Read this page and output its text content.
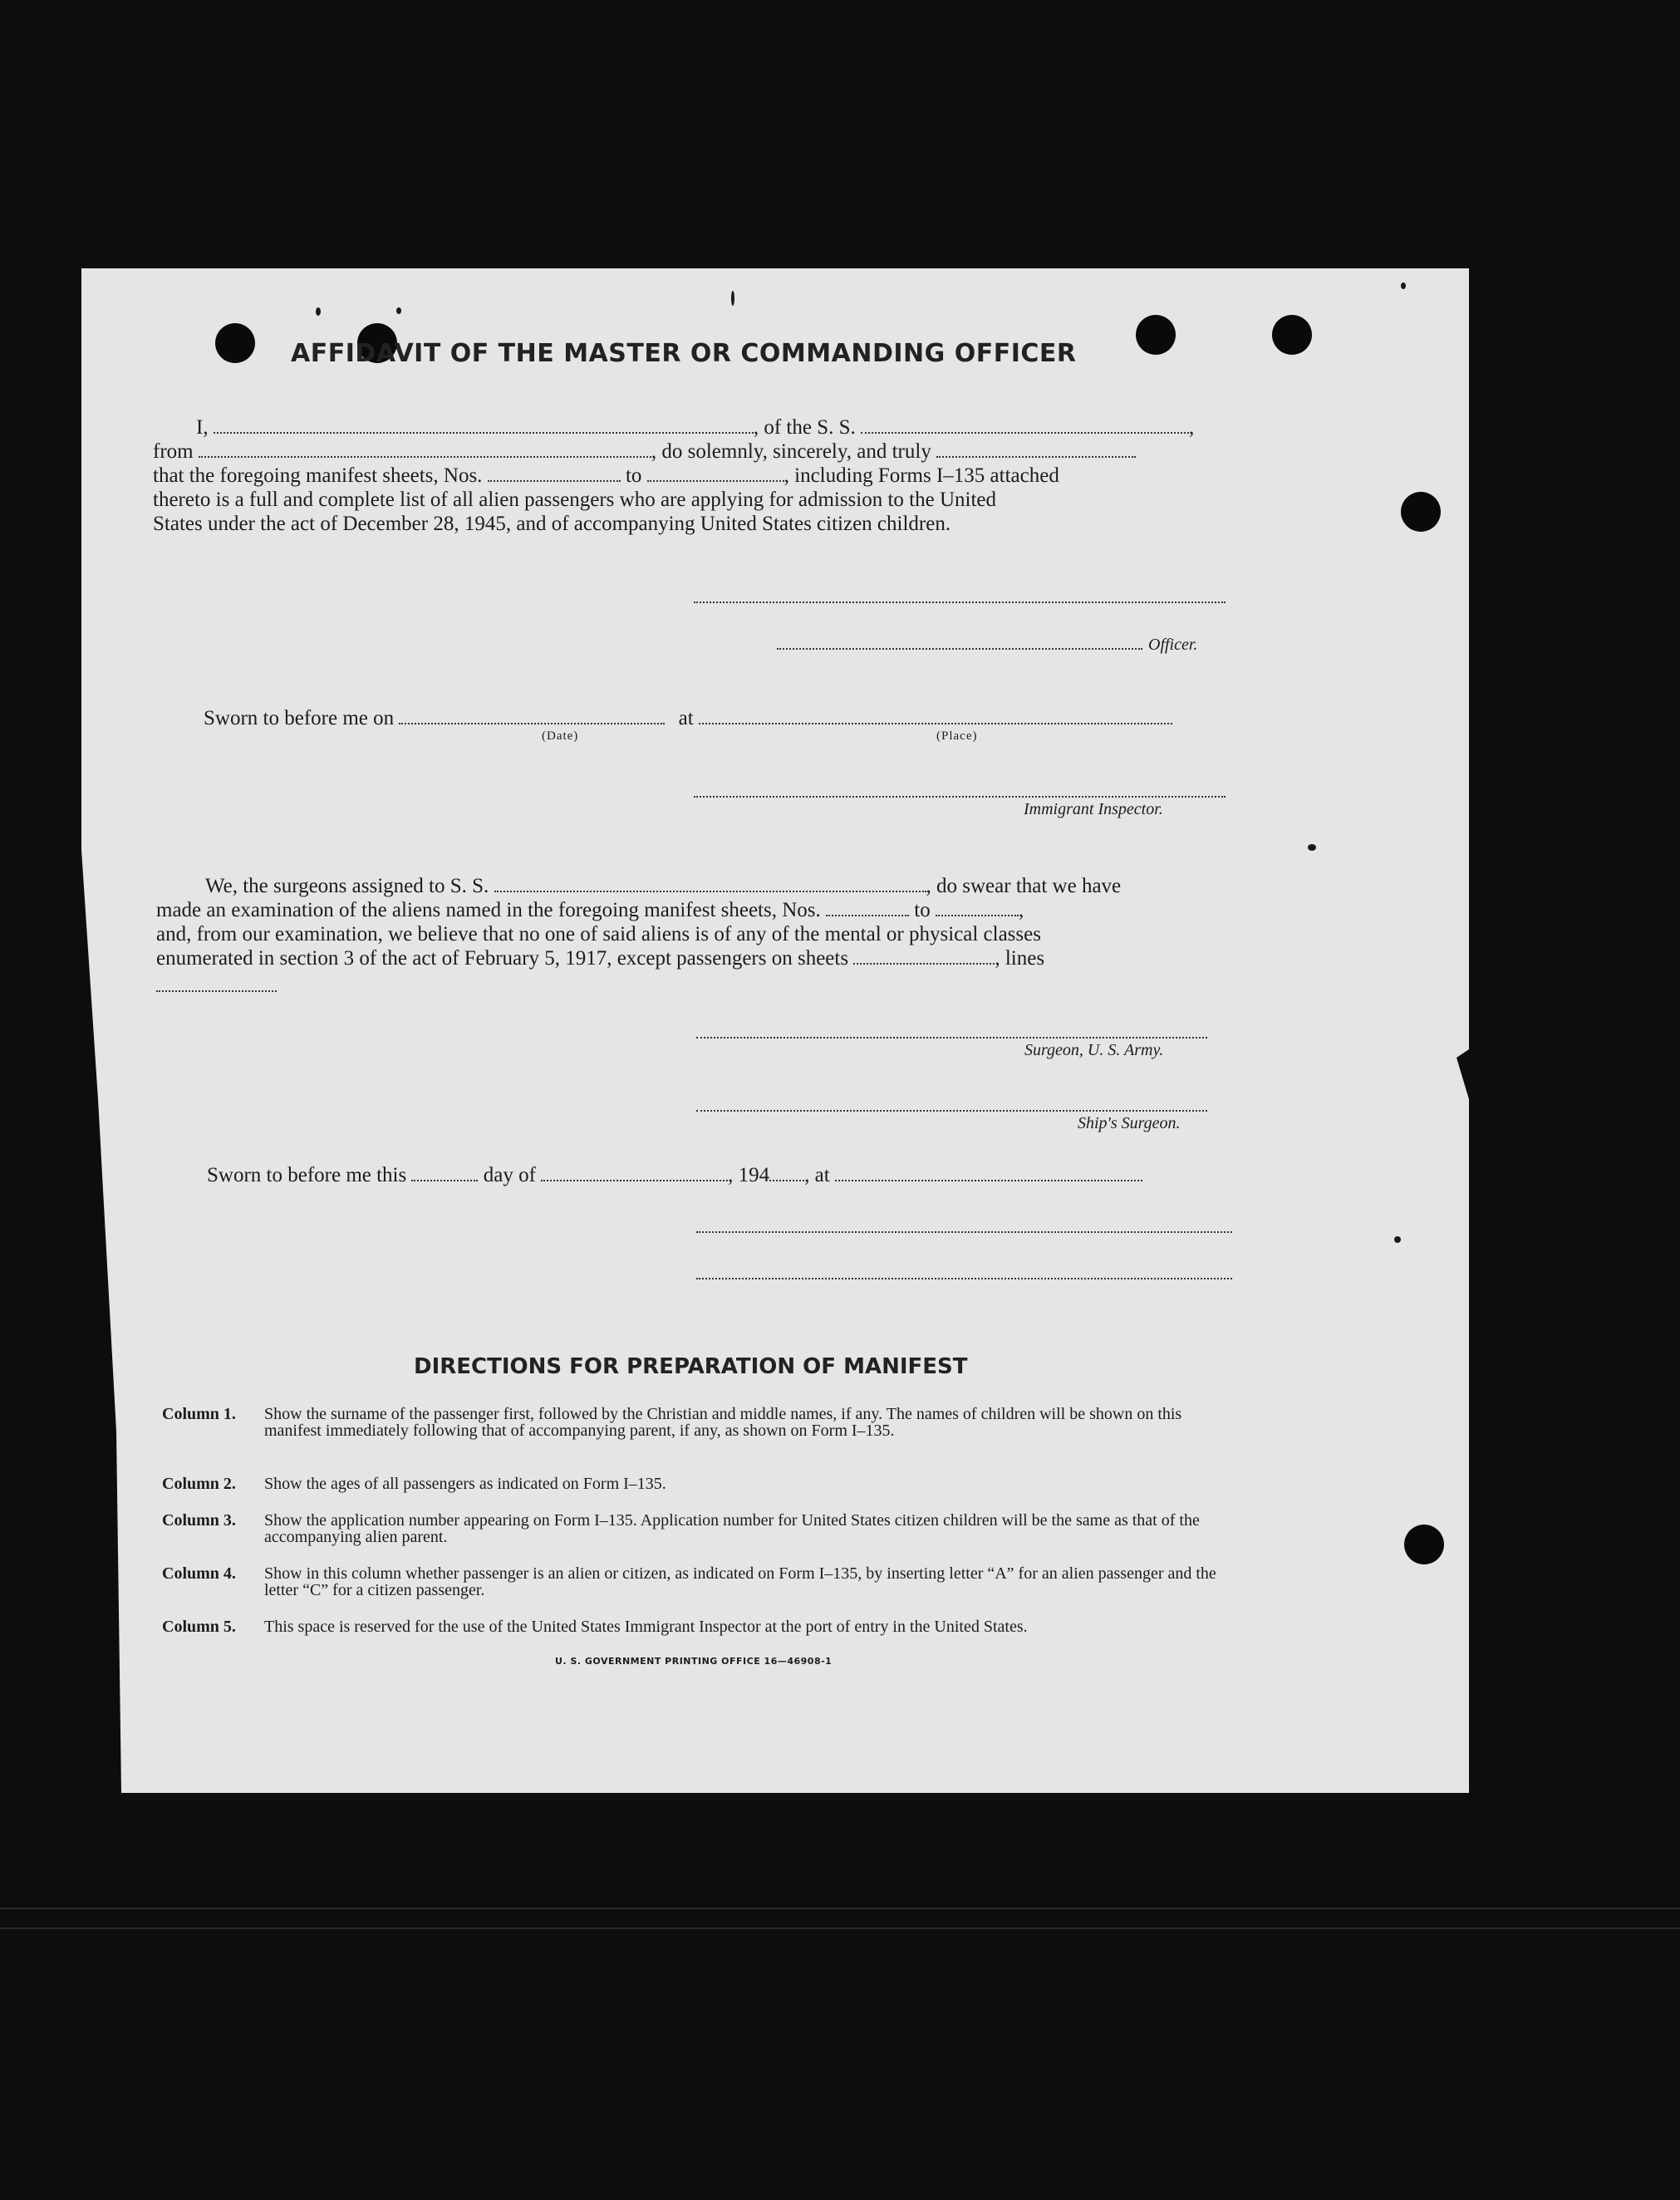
AFFIDAVIT OF THE MASTER OR COMMANDING OFFICER
I,	, of the S. S.	,
from	, do solemnly, sincerely, and truly
that the foregoing manifest sheets, Nos.	to	, including Forms I–135 attached
thereto is a full and complete list of all alien passengers who are applying for admission to the United
States under the act of December 28, 1945, and of accompanying United States citizen children.
Officer.
Sworn to before me on	at
(Date)	(Place)
Immigrant Inspector.
We, the surgeons assigned to S. S.	, do swear that we have
made an examination of the aliens named in the foregoing manifest sheets, Nos.	to	,
and, from our examination, we believe that no one of said aliens is of any of the mental or physical classes
enumerated in section 3 of the act of February 5, 1917, except passengers on sheets	, lines
Surgeon, U. S. Army.
Ship's Surgeon.
Sworn to before me this	day of	, 194 , at
DIRECTIONS FOR PREPARATION OF MANIFEST
Column 1. Show the surname of the passenger first, followed by the Christian and middle names, if any. The names of children will be shown on this manifest immediately following that of accompanying parent, if any, as shown on Form I–135.
Column 2. Show the ages of all passengers as indicated on Form I–135.
Column 3. Show the application number appearing on Form I–135. Application number for United States citizen children will be the same as that of the accompanying alien parent.
Column 4. Show in this column whether passenger is an alien or citizen, as indicated on Form I–135, by inserting letter “A” for an alien passenger and the letter “C” for a citizen passenger.
Column 5. This space is reserved for the use of the United States Immigrant Inspector at the port of entry in the United States.
U. S. GOVERNMENT PRINTING OFFICE 16—46908-1
